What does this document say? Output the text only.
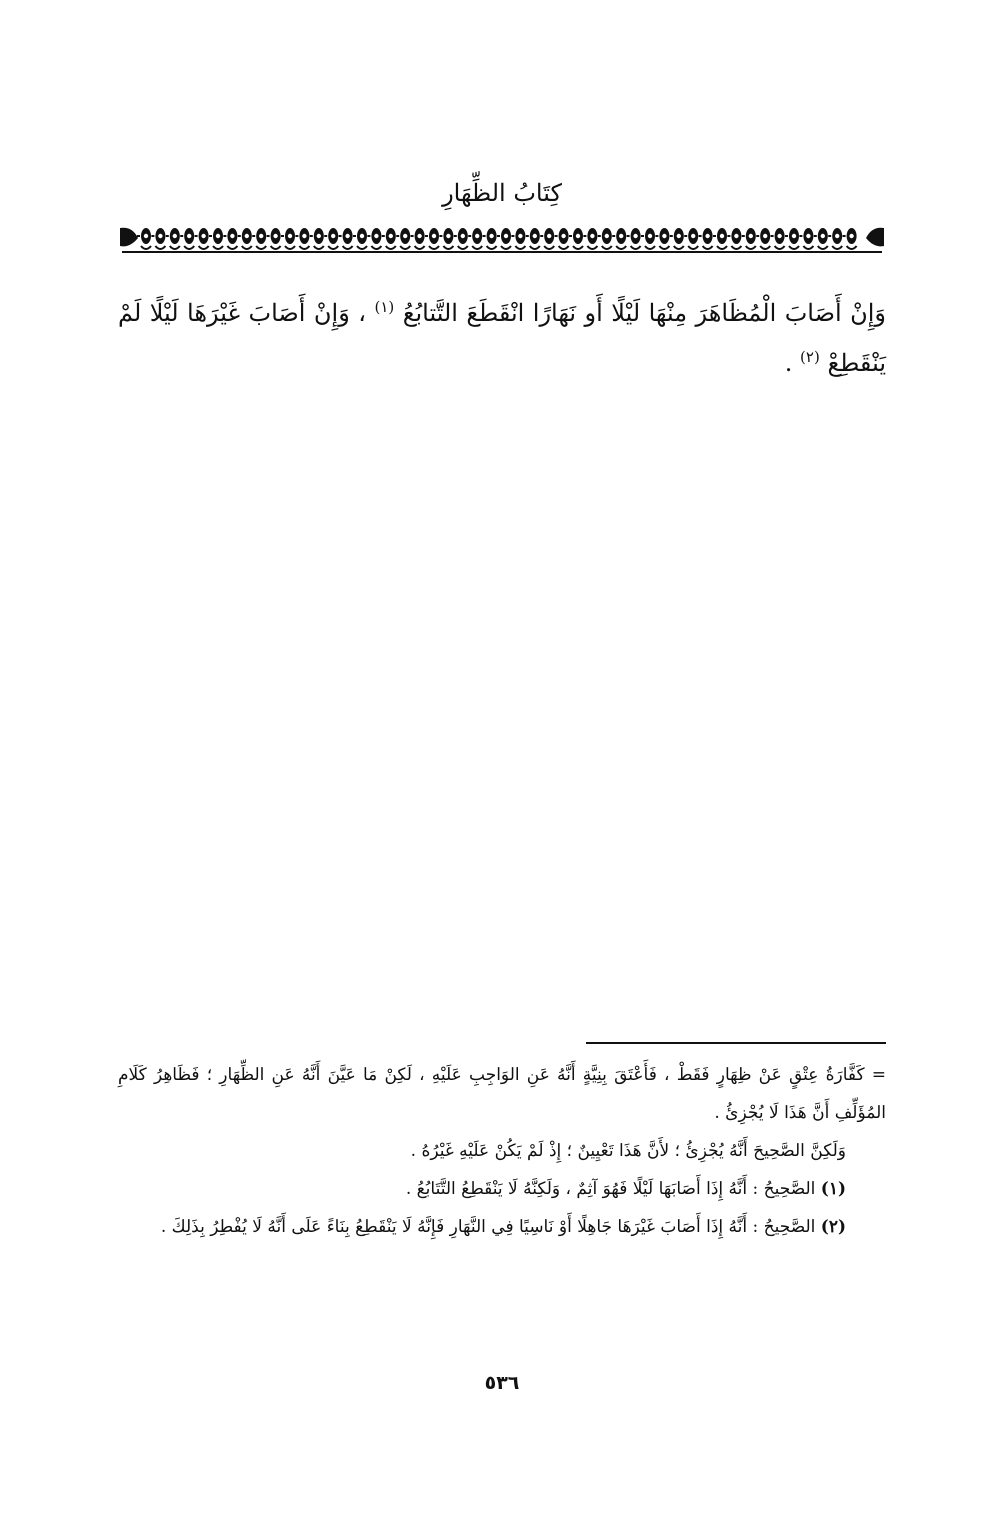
كِتَابُ الظِّهَارِ
وَإِنْ أَصَابَ الْمُظَاهَرَ مِنْهَا لَيْلًا أَو نَهَارًا انْقَطَعَ التَّتابُعُ $^{(١)}$ ، وَإِنْ أَصَابَ غَيْرَهَا لَيْلًا لَمْ يَنْقَطِعْ $^{(٢)}$ .

= كَفَّارَةُ عِتْقٍ عَنْ ظِهَارٍ فَقَطْ ، فَأَعْتَقَ بِنِيَّةٍ أَنَّهُ عَنِ الوَاجِبِ عَلَيْهِ ، لَكِنْ مَا عَيَّنَ أَنَّهُ عَنِ الظِّهَارِ ؛ فَظَاهِرُ كَلَامِ المُؤَلِّفِ أَنَّ هَذَا لَا يُجْزِئُ .

وَلَكِنَّ الصَّحِيحَ أَنَّهُ يُجْزِئُ ؛ لأَنَّ هَذَا تَعْيِينٌ ؛ إِذْ لَمْ يَكُنْ عَلَيْهِ غَيْرُهُ .

(١) الصَّحِيحُ : أَنَّهُ إِذَا أَصَابَهَا لَيْلًا فَهُوَ آثِمٌ ، وَلَكِنَّهُ لَا يَنْقَطِعُ التَّتَابُعُ .

(٢) الصَّحِيحُ : أَنَّهُ إِذَا أَصَابَ غَيْرَهَا جَاهِلًا أَوْ نَاسِيًا فِي النَّهَارِ فَإِنَّهُ لَا يَنْقَطِعُ بِنَاءً عَلَى أَنَّهُ لَا يُفْطِرُ بِذَلِكَ .

٥٣٦
